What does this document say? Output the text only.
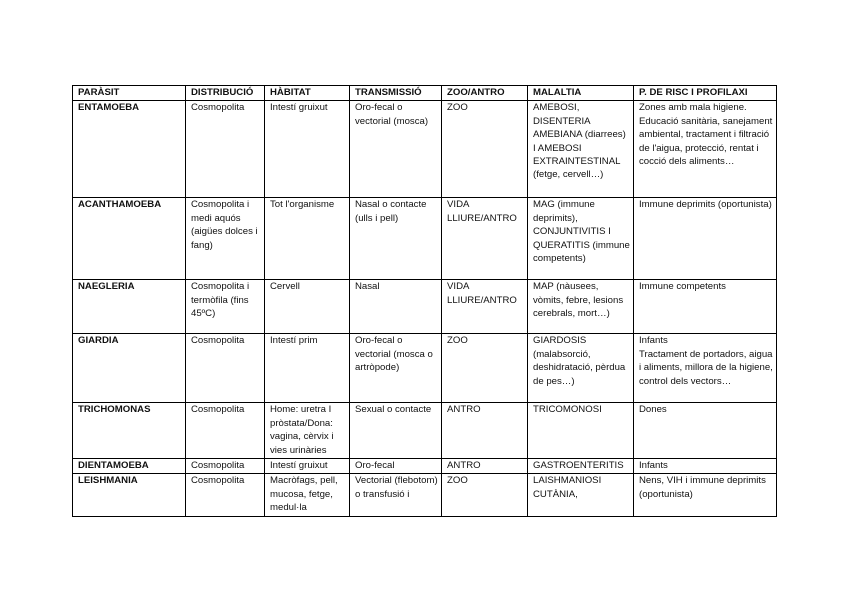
PARÀSIT	DISTRIBUCIÓ	HÀBITAT	TRANSMISSIÓ	ZOO/ANTRO	MALALTIA	P. DE RISC I PROFILAXI
ENTAMOEBA	Cosmopolita	Intestí gruixut	Oro-fecal o vectorial (mosca)	ZOO	AMEBOSI, DISENTERIA AMEBIANA (diarrees) I AMEBOSI EXTRAINTESTINAL (fetge, cervell…)	Zones amb mala higiene. Educació sanitària, sanejament ambiental, tractament i filtració de l'aigua, protecció, rentat i cocció dels aliments…

ACANTHAMOEBA	Cosmopolita i medi aquós (aigües dolces i fang)	Tot l'organisme	Nasal o contacte (ulls i pell)	VIDA LLIURE/ANTRO	MAG (immune deprimits), CONJUNTIVITIS I QUERATITIS (immune competents)	Immune deprimits (oportunista)

NAEGLERIA	Cosmopolita i termòfila (fins 45ºC)	Cervell	Nasal	VIDA LLIURE/ANTRO	MAP (nàusees, vòmits, febre, lesions cerebrals, mort…)	Immune competents

GIARDIA	Cosmopolita	Intestí prim	Oro-fecal o vectorial (mosca o artròpode)	ZOO	GIARDOSIS (malabsorció, deshidratació, pèrdua de pes…)	Infants
Tractament de portadors, aigua i aliments, millora de la higiene, control dels vectors…

TRICHOMONAS	Cosmopolita	Home: uretra I pròstata/Dona: vagina, cèrvix i vies urinàries	Sexual o contacte	ANTRO	TRICOMONOSI	Dones

DIENTAMOEBA	Cosmopolita	Intestí gruixut	Oro-fecal	ANTRO	GASTROENTERITIS	Infants

LEISHMANIA	Cosmopolita	Macròfags, pell, mucosa, fetge, medul·la	Vectorial (flebotom) o transfusió i	ZOO	LAISHMANIOSI CUTÀNIA,	Nens, VIH i immune deprimits (oportunista)
